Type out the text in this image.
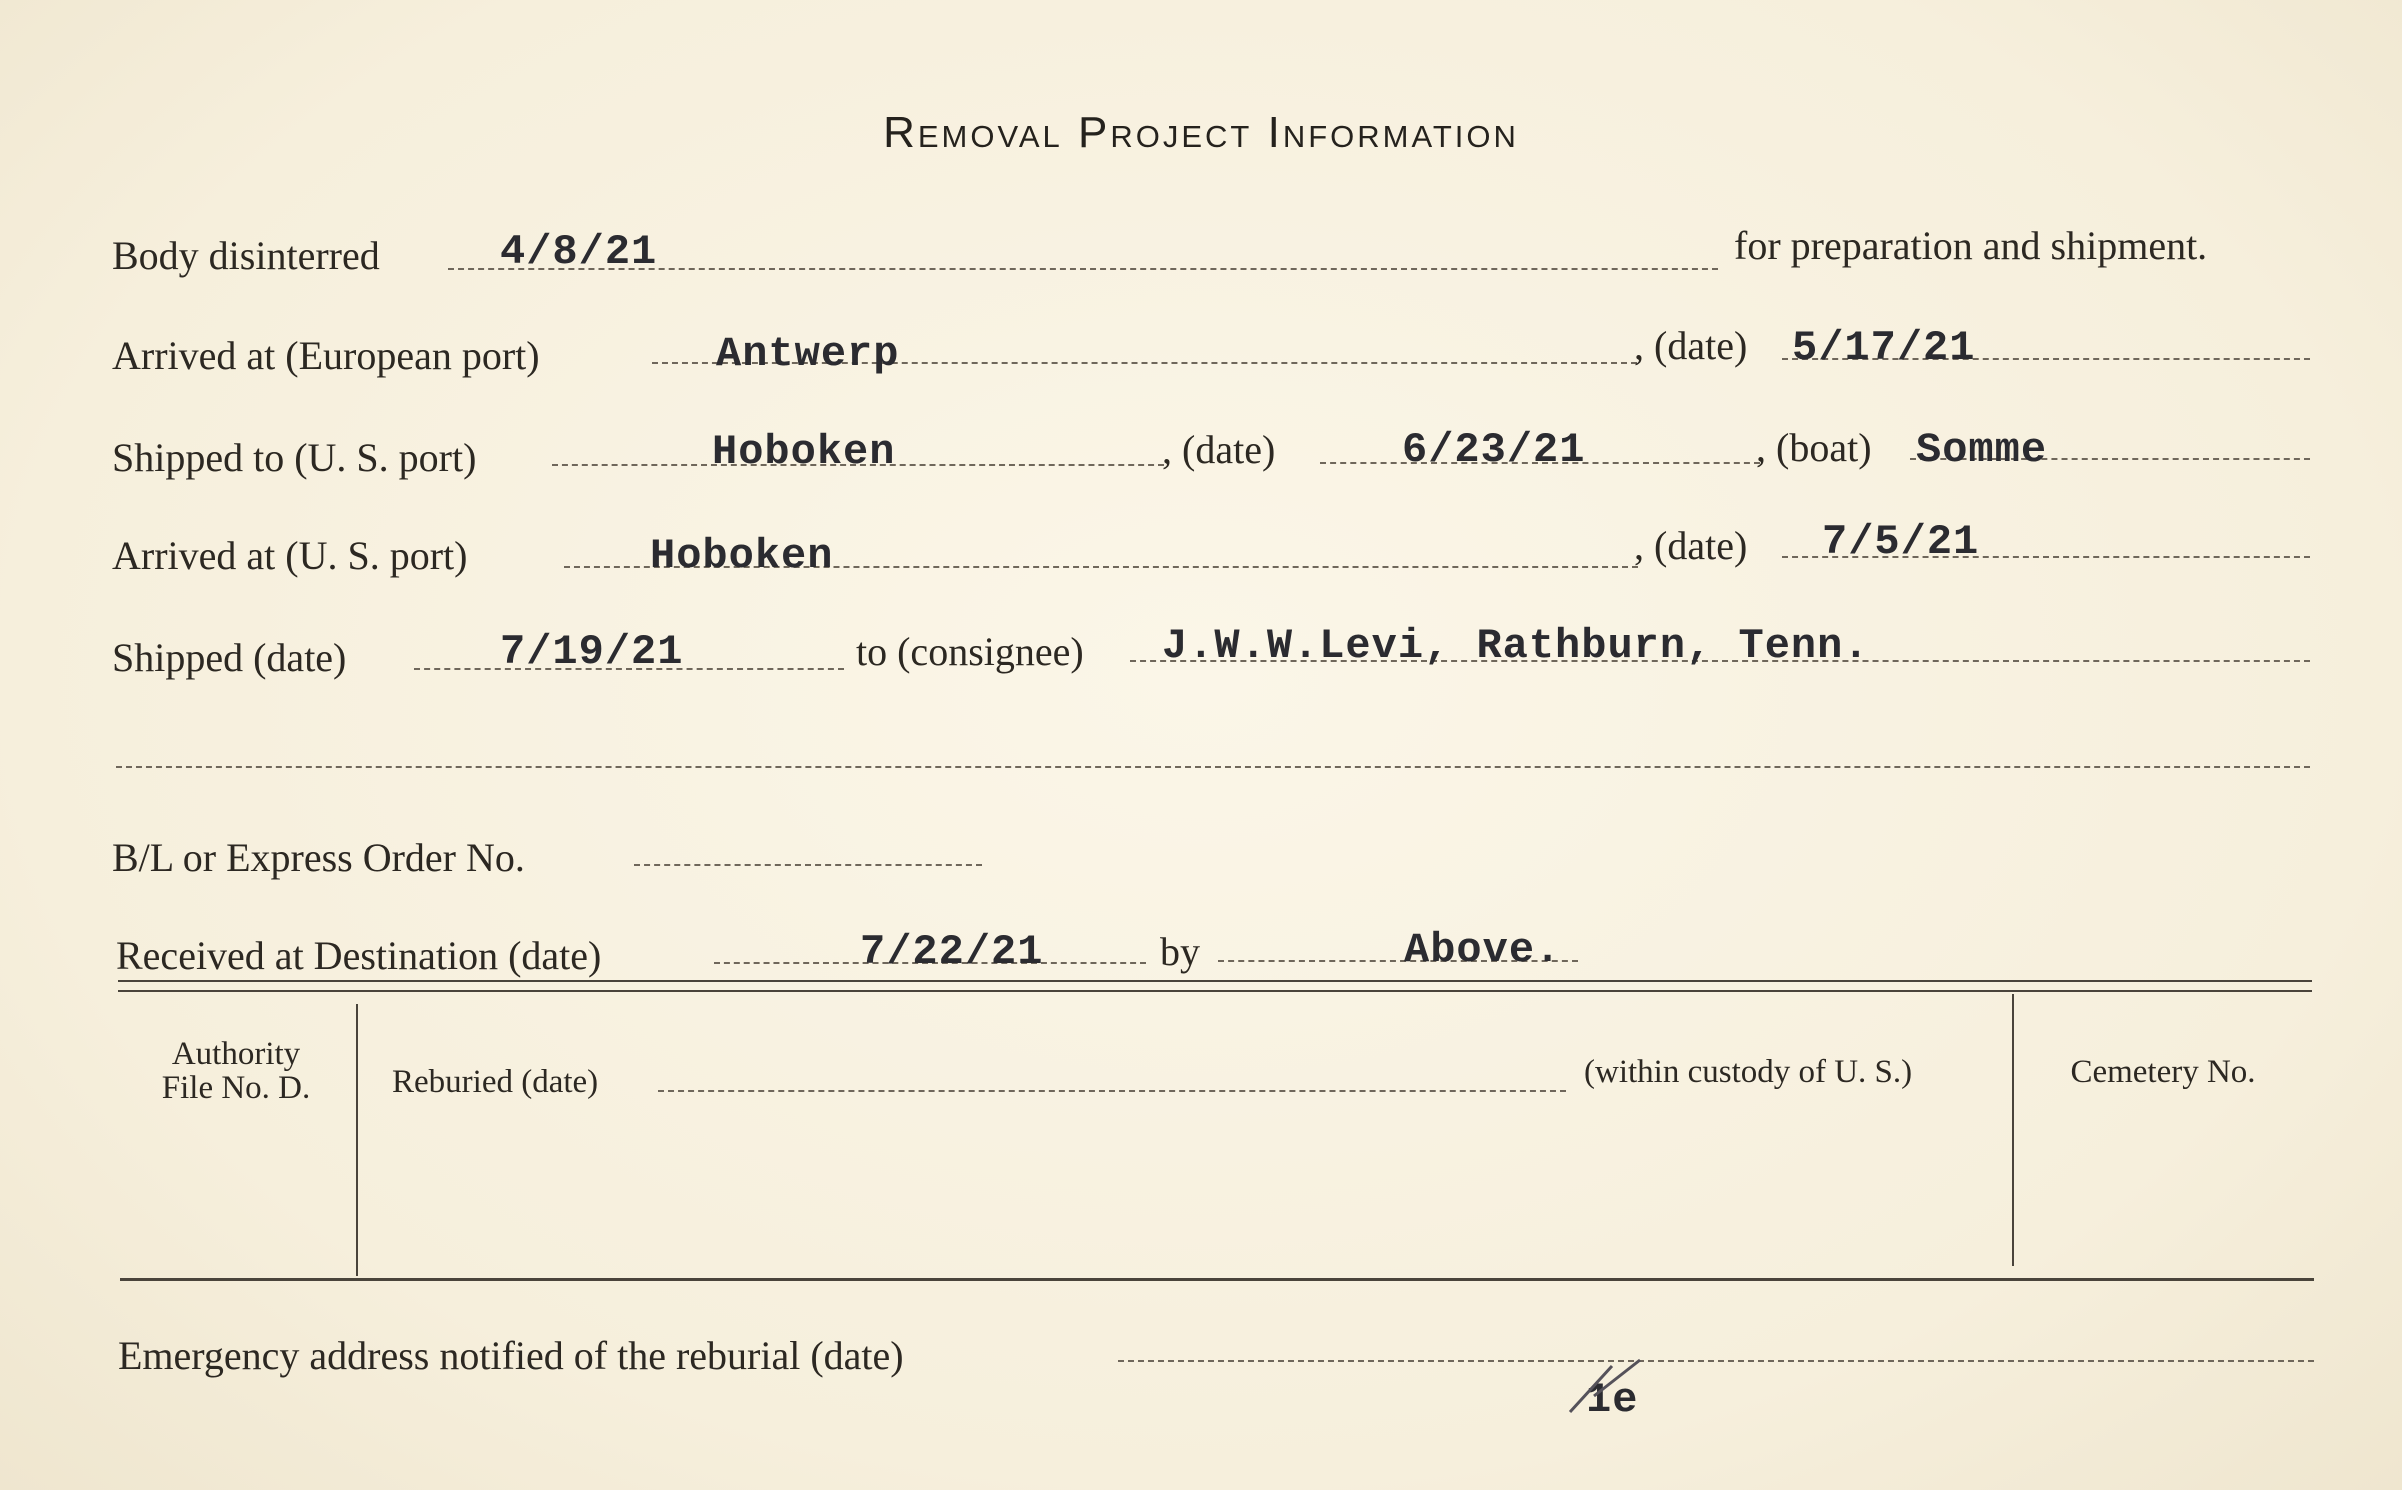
Removal Project Information
Body disinterred	4/8/21	for preparation and shipment.
Arrived at (European port)	Antwerp	, (date) 5/17/21
Shipped to (U. S. port)	Hoboken	, (date)	6/23/21	, (boat) Somme
Arrived at (U. S. port)	Hoboken	, (date) 7/5/21
Shipped (date)	7/19/21	to (consignee) J.W.W.Levi, Rathburn, Tenn.
B/L or Express Order No.
Received at Destination (date)	7/22/21	by	Above.
Authority
File No. D.	Reburied (date)	(within custody of U. S.)	Cemetery No.
Emergency address notified of the reburial (date)
1e
